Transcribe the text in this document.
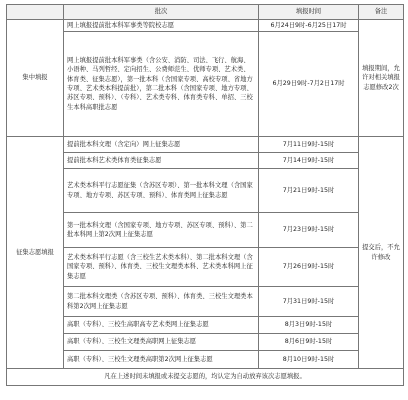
	批次	填报时间	备注
集中填报	网上填报提前批本科军事类等院校志愿	6月24日9时-6月25日17时	填报期间，允许对相关填报志愿修改2次
	网上填报提前批本科军事类（含公安、消防、司法、飞行、航海、小语种、马列哲经、定向招生、公费师范生、优师专项、艺术类、体育类、征集志愿），第一批本科（含国家专项、高校专项、省地方专项、艺术类本科提前批），第二批本科（含国家专项、地方专项、苏区专项、预科）、（专科）、艺术类专科、体育类专科、单招、三校生本科高职批志愿	6月29日9时-7月2日17时	
征集志愿填报	提前批本科文理（含定向）网上征集志愿	7月11日9时-15时	提交后，不允许修改
	提前批本科艺术类体育类征集志愿	7月14日9时-15时	
	艺术类本科平行志愿征集（含苏区专项）、第一批本科文理（含国家专项、地方专项、苏区专项、预科）、体育类网上征集志愿	7月21日9时-15时	
	第一批本科文理（含国家专项、地方专项、苏区专项、预科）、第二批本科网上第2次网上征集志愿	7月23日9时-15时	
	艺术类本科平行志愿（含三校生艺术类本科）、第二批本科文理（含国家专项、预科）、体育类、三校生文理类本科、艺术类本科网上征集志愿	7月26日9时-15时	
	第二批本科文理类（含苏区专项、预科）、体育类、三校生文理类本科第2次网上征集志愿	7月31日9时-15时	
	高职（专科）、三校生高职高专艺术类网上征集志愿	8月3日9时-15时	
	高职（专科）、三校生文理类高职网上征集志愿	8月6日9时-15时	
	高职（专科）、三校生文理类高职第2次网上征集志愿	8月10日9时-15时	
凡在上述时间未填报或未提交志愿的，均认定为自动放弃该次志愿填报。			
